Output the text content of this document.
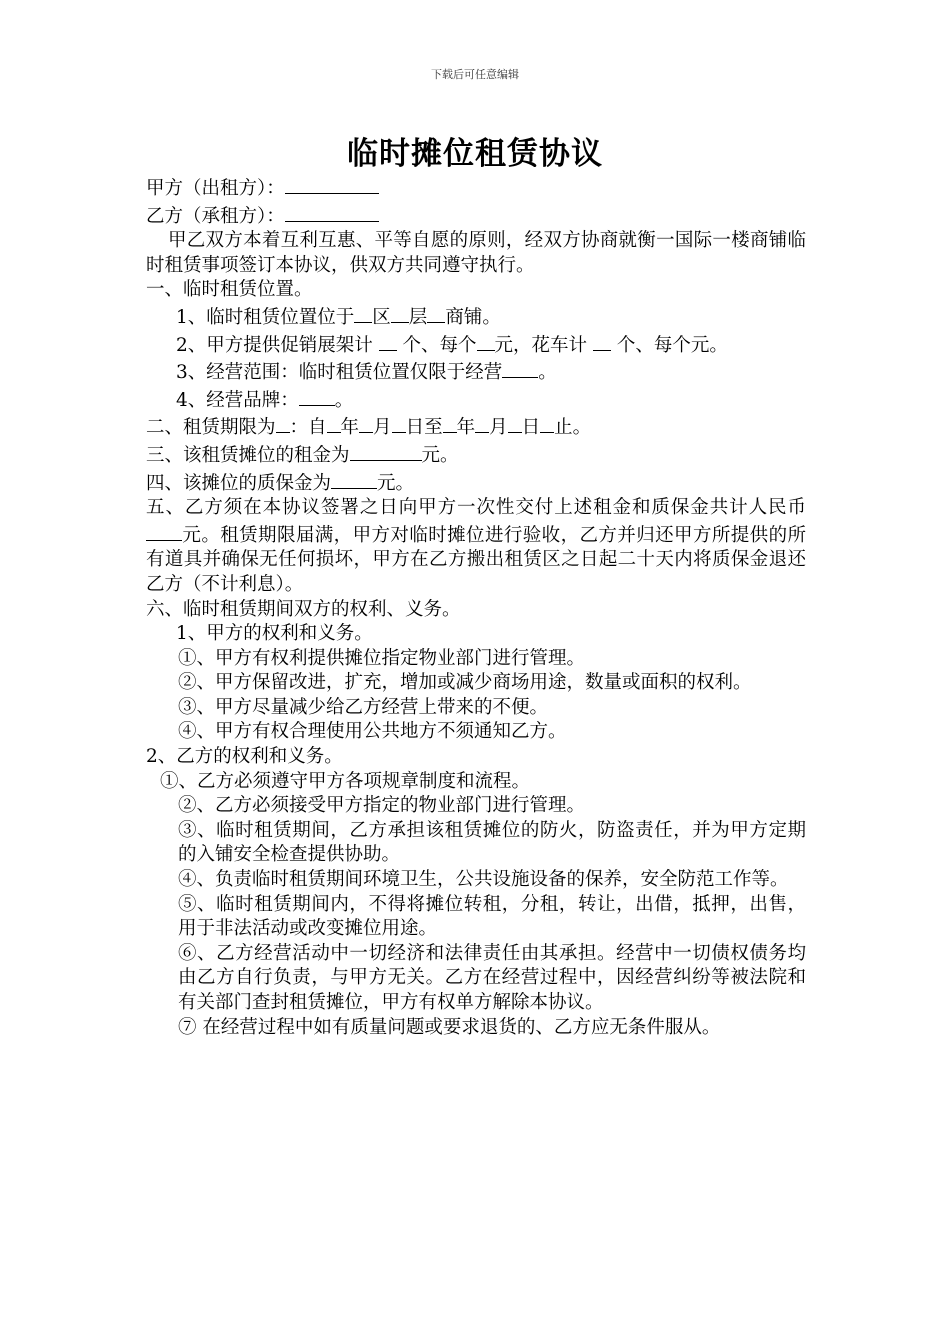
下载后可任意编辑
临时摊位租赁协议

甲方（出租方）：

乙方（承租方）：

甲乙双方本着互利互惠、平等自愿的原则，经双方协商就衡一国际一楼商铺临时租赁事项签订本协议，供双方共同遵守执行。

一、临时租赁位置。

1、临时租赁位置位于 区 层 商铺。

2、甲方提供促销展架计  个、每个 元，花车计  个、每个元。

3、经营范围：临时租赁位置仅限于经营 。

4、经营品牌： 。

二、租赁期限为 ：自 年 月 日至 年 月 日 止。

三、该租赁摊位的租金为	元。

四、该摊位的质保金为 元。

五、乙方须在本协议签署之日向甲方一次性交付上述租金和质保金共计人民币元。租赁期限届满，甲方对临时摊位进行验收，乙方并归还甲方所提供的所有道具并确保无任何损坏，甲方在乙方搬出租赁区之日起二十天内将质保金退还乙方（不计利息）。

六、临时租赁期间双方的权利、义务。

1、甲方的权利和义务。

①、甲方有权利提供摊位指定物业部门进行管理。

②、甲方保留改进，扩充，增加或减少商场用途，数量或面积的权利。

③、甲方尽量减少给乙方经营上带来的不便。

④、甲方有权合理使用公共地方不须通知乙方。

2、乙方的权利和义务。

①、乙方必须遵守甲方各项规章制度和流程。

②、乙方必须接受甲方指定的物业部门进行管理。

③、临时租赁期间，乙方承担该租赁摊位的防火，防盗责任，并为甲方定期的入铺安全检查提供协助。

④、负责临时租赁期间环境卫生，公共设施设备的保养，安全防范工作等。

⑤、临时租赁期间内，不得将摊位转租，分租，转让，出借，抵押，出售，用于非法活动或改变摊位用途。

⑥、乙方经营活动中一切经济和法律责任由其承担。经营中一切债权债务均由乙方自行负责，与甲方无关。乙方在经营过程中，因经营纠纷等被法院和有关部门查封租赁摊位，甲方有权单方解除本协议。

⑦ 在经营过程中如有质量问题或要求退货的、乙方应无条件服从。
